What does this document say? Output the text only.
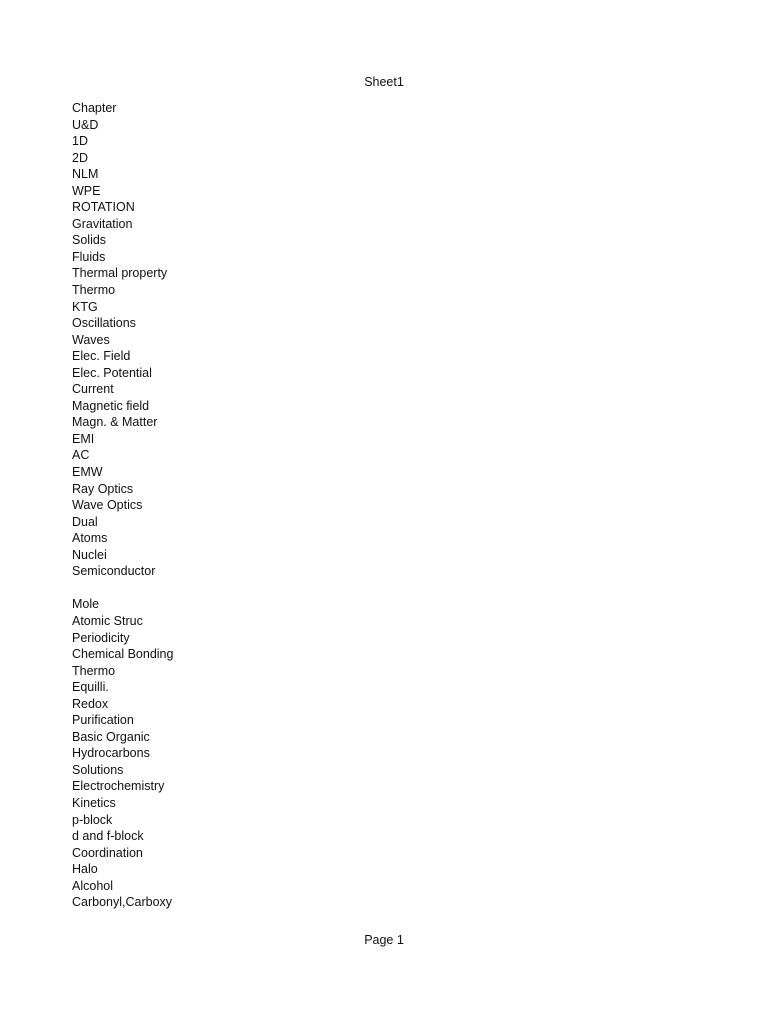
Sheet1
Chapter
U&D
1D
2D
NLM
WPE
ROTATION
Gravitation
Solids
Fluids
Thermal property
Thermo
KTG
Oscillations
Waves
Elec. Field
Elec. Potential
Current
Magnetic field
Magn. & Matter
EMI
AC
EMW
Ray Optics
Wave Optics
Dual
Atoms
Nuclei
Semiconductor
Mole
Atomic Struc
Periodicity
Chemical Bonding
Thermo
Equilli.
Redox
Purification
Basic Organic
Hydrocarbons
Solutions
Electrochemistry
Kinetics
p-block
d and f-block
Coordination
Halo
Alcohol
Carbonyl,Carboxy
Page 1
